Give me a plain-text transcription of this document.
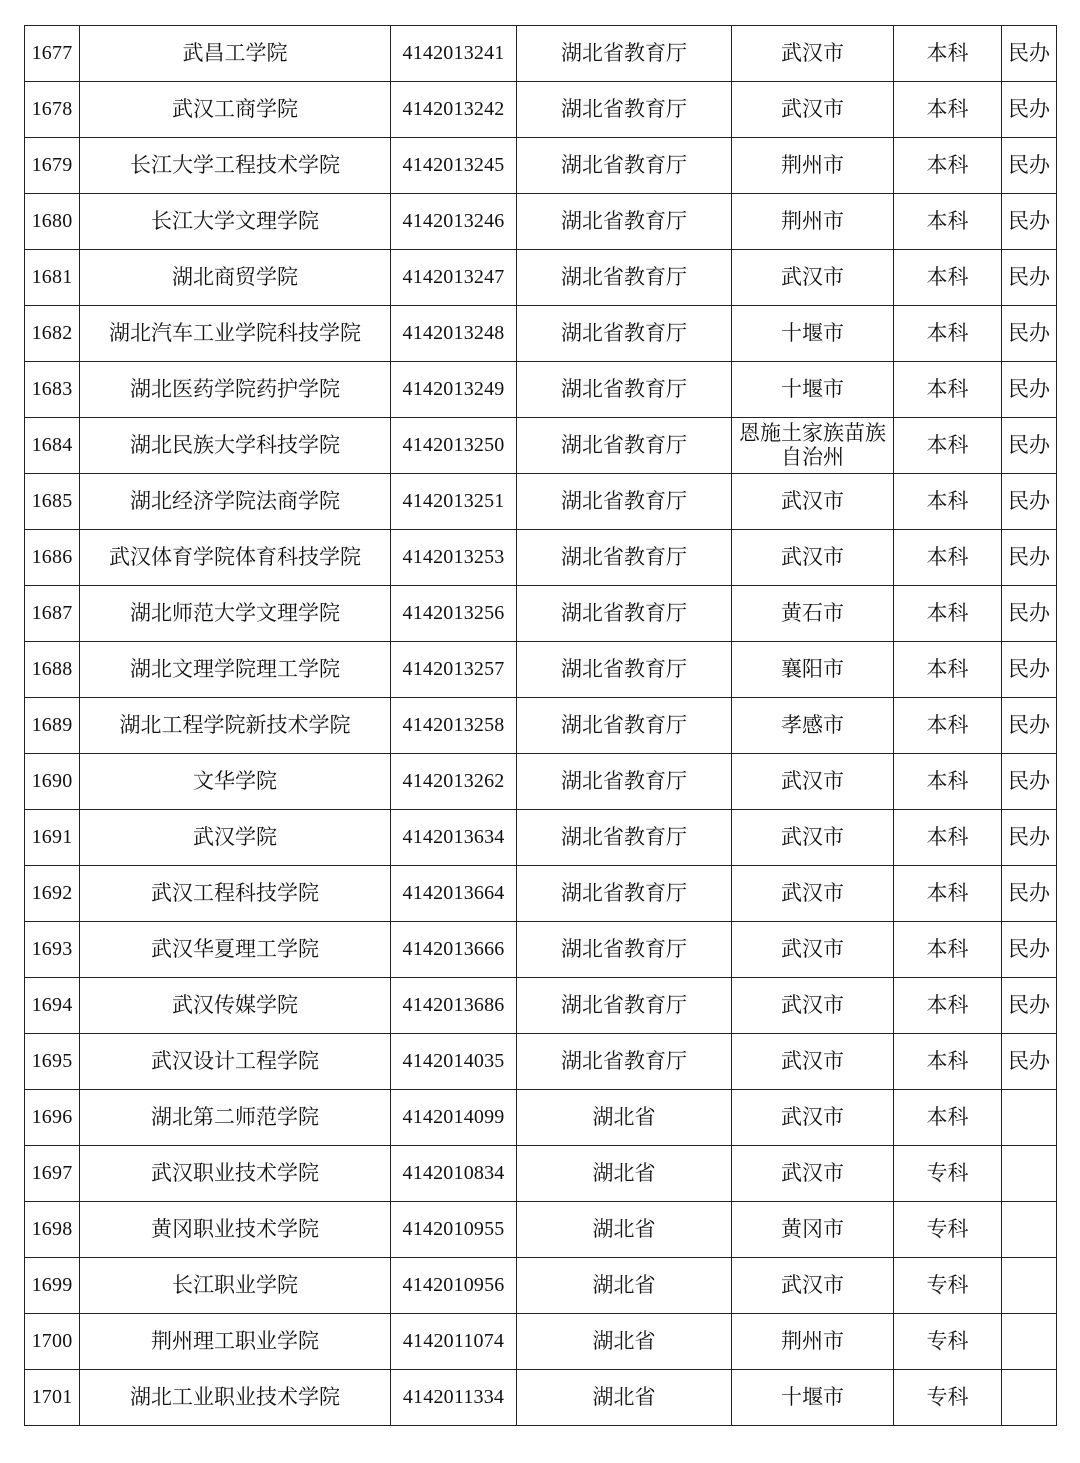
1677	武昌工学院	4142013241	湖北省教育厅	武汉市	本科	民办
1678	武汉工商学院	4142013242	湖北省教育厅	武汉市	本科	民办
1679	长江大学工程技术学院	4142013245	湖北省教育厅	荆州市	本科	民办
1680	长江大学文理学院	4142013246	湖北省教育厅	荆州市	本科	民办
1681	湖北商贸学院	4142013247	湖北省教育厅	武汉市	本科	民办
1682	湖北汽车工业学院科技学院	4142013248	湖北省教育厅	十堰市	本科	民办
1683	湖北医药学院药护学院	4142013249	湖北省教育厅	十堰市	本科	民办
1684	湖北民族大学科技学院	4142013250	湖北省教育厅	恩施土家族苗族自治州	本科	民办
1685	湖北经济学院法商学院	4142013251	湖北省教育厅	武汉市	本科	民办
1686	武汉体育学院体育科技学院	4142013253	湖北省教育厅	武汉市	本科	民办
1687	湖北师范大学文理学院	4142013256	湖北省教育厅	黄石市	本科	民办
1688	湖北文理学院理工学院	4142013257	湖北省教育厅	襄阳市	本科	民办
1689	湖北工程学院新技术学院	4142013258	湖北省教育厅	孝感市	本科	民办
1690	文华学院	4142013262	湖北省教育厅	武汉市	本科	民办
1691	武汉学院	4142013634	湖北省教育厅	武汉市	本科	民办
1692	武汉工程科技学院	4142013664	湖北省教育厅	武汉市	本科	民办
1693	武汉华夏理工学院	4142013666	湖北省教育厅	武汉市	本科	民办
1694	武汉传媒学院	4142013686	湖北省教育厅	武汉市	本科	民办
1695	武汉设计工程学院	4142014035	湖北省教育厅	武汉市	本科	民办
1696	湖北第二师范学院	4142014099	湖北省	武汉市	本科	
1697	武汉职业技术学院	4142010834	湖北省	武汉市	专科	
1698	黄冈职业技术学院	4142010955	湖北省	黄冈市	专科	
1699	长江职业学院	4142010956	湖北省	武汉市	专科	
1700	荆州理工职业学院	4142011074	湖北省	荆州市	专科	
1701	湖北工业职业技术学院	4142011334	湖北省	十堰市	专科	
